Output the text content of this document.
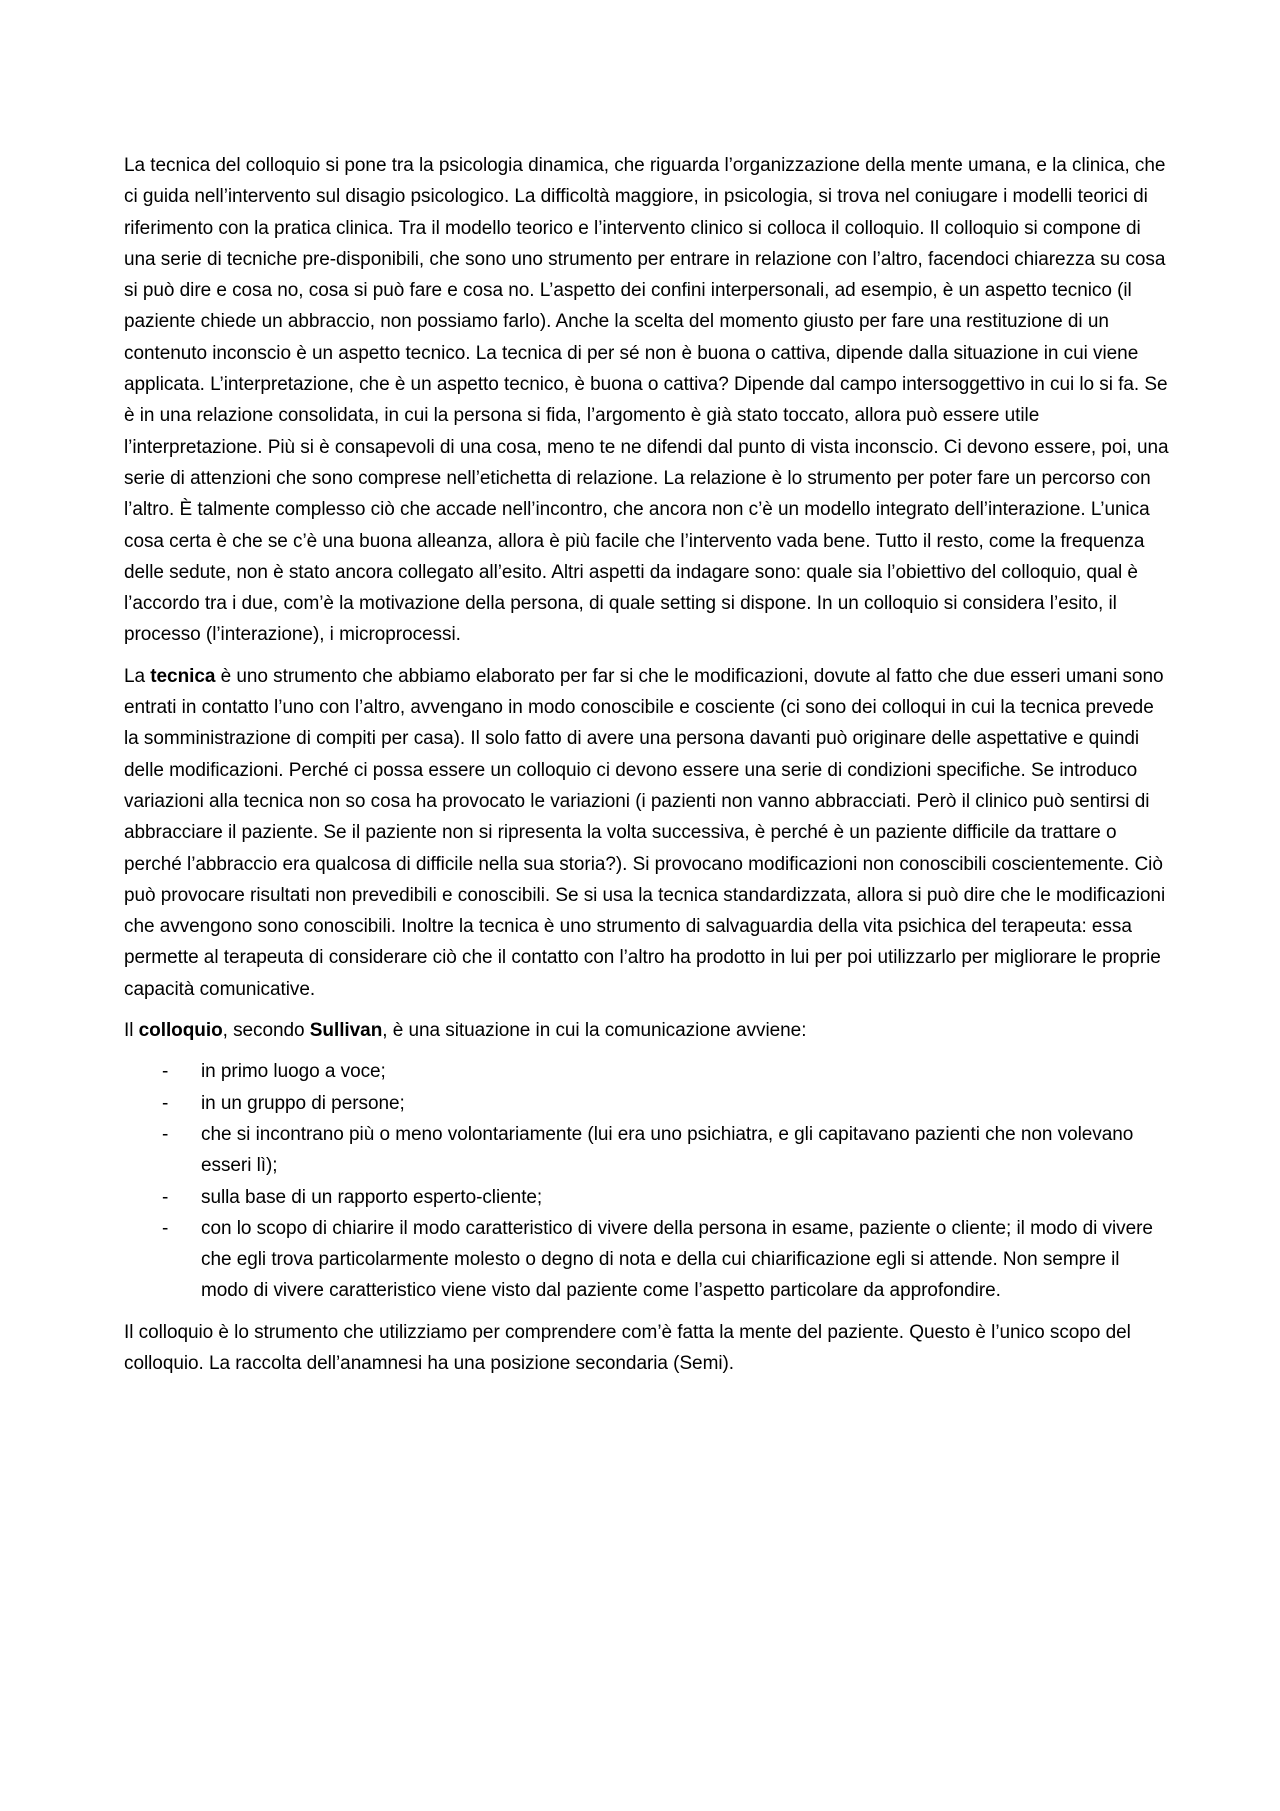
La tecnica del colloquio si pone tra la psicologia dinamica, che riguarda l’organizzazione della mente umana, e la clinica, che ci guida nell’intervento sul disagio psicologico. La difficoltà maggiore, in psicologia, si trova nel coniugare i modelli teorici di riferimento con la pratica clinica. Tra il modello teorico e l’intervento clinico si colloca il colloquio. Il colloquio si compone di una serie di tecniche pre-disponibili, che sono uno strumento per entrare in relazione con l’altro, facendoci chiarezza su cosa si può dire e cosa no, cosa si può fare e cosa no. L’aspetto dei confini interpersonali, ad esempio, è un aspetto tecnico (il paziente chiede un abbraccio, non possiamo farlo). Anche la scelta del momento giusto per fare una restituzione di un contenuto inconscio è un aspetto tecnico. La tecnica di per sé non è buona o cattiva, dipende dalla situazione in cui viene applicata. L’interpretazione, che è un aspetto tecnico, è buona o cattiva? Dipende dal campo intersoggettivo in cui lo si fa. Se è in una relazione consolidata, in cui la persona si fida, l’argomento è già stato toccato, allora può essere utile l’interpretazione. Più si è consapevoli di una cosa, meno te ne difendi dal punto di vista inconscio. Ci devono essere, poi, una serie di attenzioni che sono comprese nell’etichetta di relazione. La relazione è lo strumento per poter fare un percorso con l’altro. È talmente complesso ciò che accade nell’incontro, che ancora non c’è un modello integrato dell’interazione. L’unica cosa certa è che se c’è una buona alleanza, allora è più facile che l’intervento vada bene. Tutto il resto, come la frequenza delle sedute, non è stato ancora collegato all’esito. Altri aspetti da indagare sono: quale sia l’obiettivo del colloquio, qual è l’accordo tra i due, com’è la motivazione della persona, di quale setting si dispone. In un colloquio si considera l’esito, il processo (l’interazione), i microprocessi.

La tecnica è uno strumento che abbiamo elaborato per far si che le modificazioni, dovute al fatto che due esseri umani sono entrati in contatto l’uno con l’altro, avvengano in modo conoscibile e cosciente (ci sono dei colloqui in cui la tecnica prevede la somministrazione di compiti per casa). Il solo fatto di avere una persona davanti può originare delle aspettative e quindi delle modificazioni. Perché ci possa essere un colloquio ci devono essere una serie di condizioni specifiche. Se introduco variazioni alla tecnica non so cosa ha provocato le variazioni (i pazienti non vanno abbracciati. Però il clinico può sentirsi di abbracciare il paziente. Se il paziente non si ripresenta la volta successiva, è perché è un paziente difficile da trattare o perché l’abbraccio era qualcosa di difficile nella sua storia?). Si provocano modificazioni non conoscibili coscientemente. Ciò può provocare risultati non prevedibili e conoscibili. Se si usa la tecnica standardizzata, allora si può dire che le modificazioni che avvengono sono conoscibili. Inoltre la tecnica è uno strumento di salvaguardia della vita psichica del terapeuta: essa permette al terapeuta di considerare ciò che il contatto con l’altro ha prodotto in lui per poi utilizzarlo per migliorare le proprie capacità comunicative.

Il colloquio, secondo Sullivan, è una situazione in cui la comunicazione avviene:

- in primo luogo a voce;
- in un gruppo di persone;
- che si incontrano più o meno volontariamente (lui era uno psichiatra, e gli capitavano pazienti che non volevano esseri lì);
- sulla base di un rapporto esperto-cliente;
- con lo scopo di chiarire il modo caratteristico di vivere della persona in esame, paziente o cliente; il modo di vivere che egli trova particolarmente molesto o degno di nota e della cui chiarificazione egli si attende. Non sempre il modo di vivere caratteristico viene visto dal paziente come l’aspetto particolare da approfondire.

Il colloquio è lo strumento che utilizziamo per comprendere com’è fatta la mente del paziente. Questo è l’unico scopo del colloquio. La raccolta dell’anamnesi ha una posizione secondaria (Semi).
